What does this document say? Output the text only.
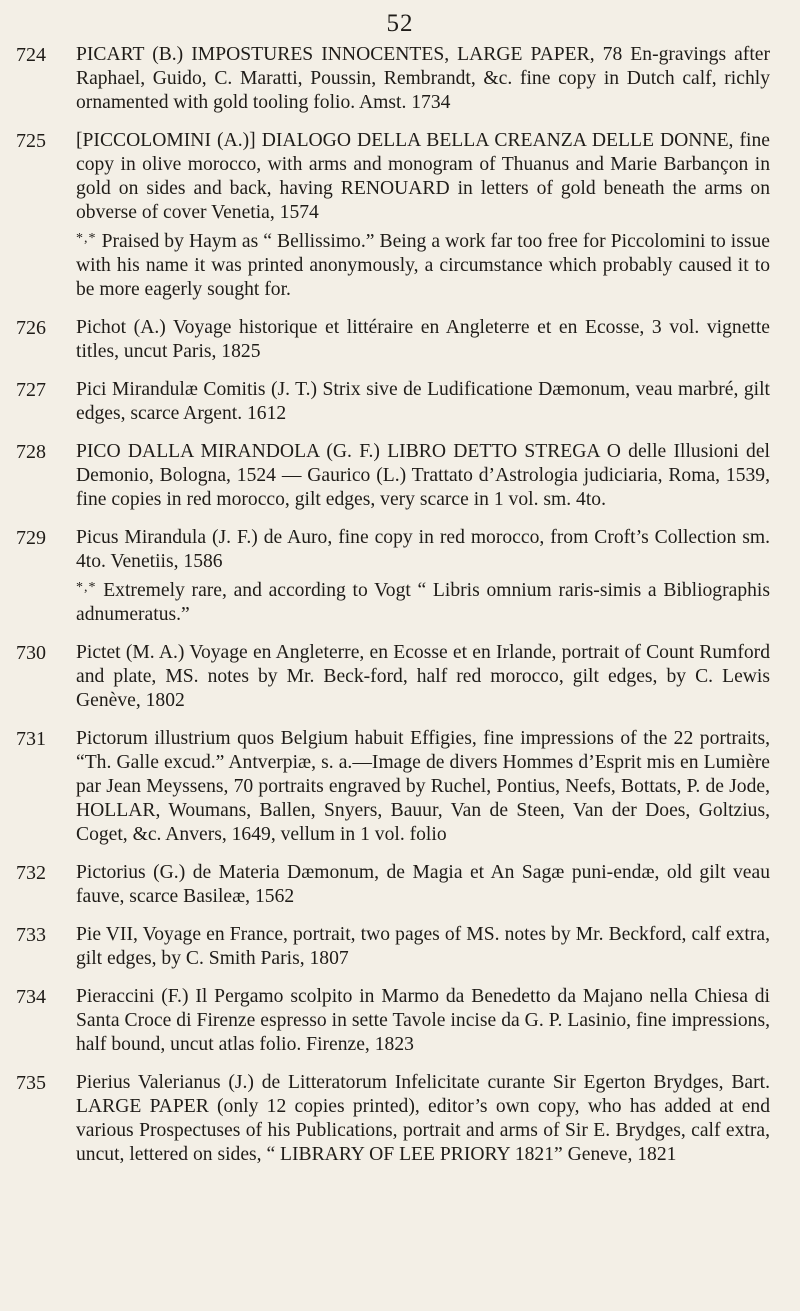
52
724 PICART (B.) IMPOSTURES INNOCENTES, LARGE PAPER, 78 En-gravings after Raphael, Guido, C. Maratti, Poussin, Rembrandt, &c. fine copy in Dutch calf, richly ornamented with gold tooling folio. Amst. 1734
725 [PICCOLOMINI (A.)] DIALOGO DELLA BELLA CREANZA DELLE DONNE, fine copy in olive morocco, with arms and monogram of Thuanus and Marie Barbançon in gold on sides and back, having RENOUARD in letters of gold beneath the arms on obverse of cover Venetia, 1574
*,* Praised by Haym as “ Bellissimo.” Being a work far too free for Piccolomini to issue with his name it was printed anonymously, a circumstance which probably caused it to be more eagerly sought for.
726 Pichot (A.) Voyage historique et littéraire en Angleterre et en Ecosse, 3 vol. vignette titles, uncut Paris, 1825
727 Pici Mirandulæ Comitis (J. T.) Strix sive de Ludificatione Dæmonum, veau marbré, gilt edges, scarce Argent. 1612
728 PICO DALLA MIRANDOLA (G. F.) LIBRO DETTO STREGA O delle Illusioni del Demonio, Bologna, 1524 — Gaurico (L.) Trattato d’Astrologia judiciaria, Roma, 1539, fine copies in red morocco, gilt edges, very scarce in 1 vol. sm. 4to.
729 Picus Mirandula (J. F.) de Auro, fine copy in red morocco, from Croft’s Collection sm. 4to. Venetiis, 1586
*,* Extremely rare, and according to Vogt “ Libris omnium raris-simis a Bibliographis adnumeratus.”
730 Pictet (M. A.) Voyage en Angleterre, en Ecosse et en Irlande, portrait of Count Rumford and plate, MS. notes by Mr. Beck-ford, half red morocco, gilt edges, by C. Lewis Genève, 1802
731 Pictorum illustrium quos Belgium habuit Effigies, fine impressions of the 22 portraits, “Th. Galle excud.” Antverpiæ, s. a.—Image de divers Hommes d’Esprit mis en Lumière par Jean Meyssens, 70 portraits engraved by Ruchel, Pontius, Neefs, Bottats, P. de Jode, HOLLAR, Woumans, Ballen, Snyers, Bauur, Van de Steen, Van der Does, Goltzius, Coget, &c. Anvers, 1649, vellum in 1 vol. folio
732 Pictorius (G.) de Materia Dæmonum, de Magia et An Sagæ puni-endæ, old gilt veau fauve, scarce Basileæ, 1562
733 Pie VII, Voyage en France, portrait, two pages of MS. notes by Mr. Beckford, calf extra, gilt edges, by C. Smith Paris, 1807
734 Pieraccini (F.) Il Pergamo scolpito in Marmo da Benedetto da Majano nella Chiesa di Santa Croce di Firenze espresso in sette Tavole incise da G. P. Lasinio, fine impressions, half bound, uncut atlas folio. Firenze, 1823
735 Pierius Valerianus (J.) de Litteratorum Infelicitate curante Sir Egerton Brydges, Bart. LARGE PAPER (only 12 copies printed), editor’s own copy, who has added at end various Prospectuses of his Publications, portrait and arms of Sir E. Brydges, calf extra, uncut, lettered on sides, “ LIBRARY OF LEE PRIORY 1821” Geneve, 1821
